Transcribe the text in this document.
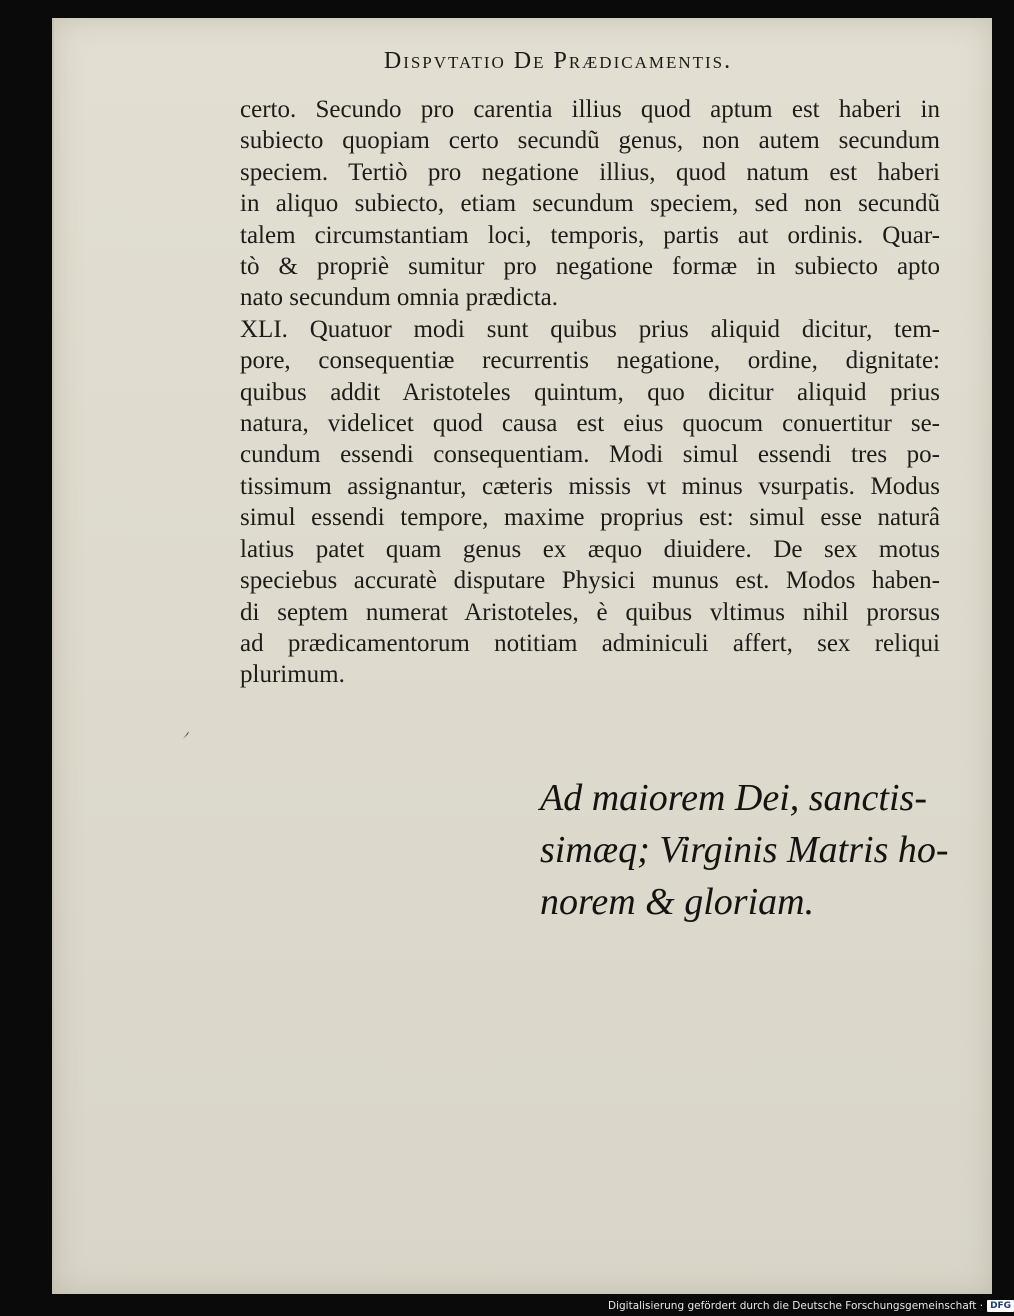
Dispvtatio De Prædicamentis.
certo. Secundo pro carentia illius quod aptum est haberi in
subiecto quopiam certo secundũ genus, non autem secundum
speciem. Tertiò pro negatione illius, quod natum est haberi
in aliquo subiecto, etiam secundum speciem, sed non secundũ
talem circumstantiam loci, temporis, partis aut ordinis. Quar-
tò & propriè sumitur pro negatione formæ in subiecto apto
nato secundum omnia prædicta.
XLI. Quatuor modi sunt quibus prius aliquid dicitur, tem-
pore, consequentiæ recurrentis negatione, ordine, dignitate:
quibus addit Aristoteles quintum, quo dicitur aliquid prius
natura, videlicet quod causa est eius quocum conuertitur se-
cundum essendi consequentiam. Modi simul essendi tres po-
tissimum assignantur, cæteris missis vt minus vsurpatis. Modus
simul essendi tempore, maxime proprius est: simul esse naturâ
latius patet quam genus ex æquo diuidere. De sex motus
speciebus accuratè disputare Physici munus est. Modos haben-
di septem numerat Aristoteles, è quibus vltimus nihil prorsus
ad prædicamentorum notitiam adminiculi affert, sex reliqui
plurimum.
Ad maiorem Dei, sanctis-
simæq; Virginis Matris ho-
norem & gloriam.
Digitalisierung gefördert durch die Deutsche Forschungsgemeinschaft · DFG
